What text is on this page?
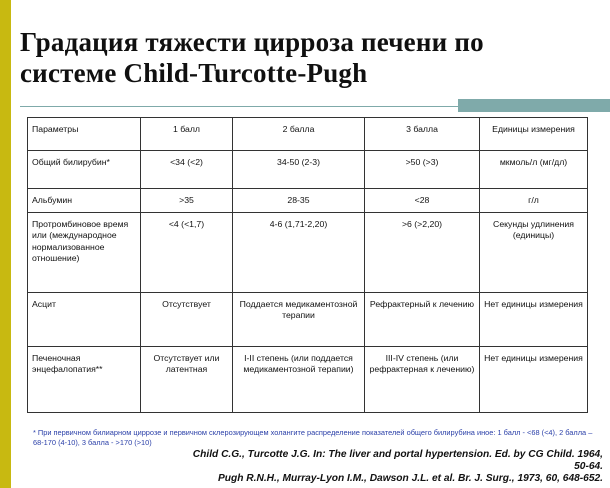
Градация тяжести цирроза печени по
системе Child-Turcotte-Pugh
Параметры	1 балл	2 балла	3 балла	Единицы измерения
Общий билирубин*	<34 (<2)	34-50 (2-3)	>50 (>3)	мкмоль/л (мг/дл)
Альбумин	>35	28-35	<28	г/л
Протромбиновое время или (международное нормализованное отношение)	<4 (<1,7)	4-6 (1,71-2,20)	>6 (>2,20)	Секунды удлинения (единицы)
Асцит	Отсутствует	Поддается медикаментозной терапии	Рефрактерный к лечению	Нет единицы измерения
Печеночная энцефалопатия**	Отсутствует или латентная	I-II степень (или поддается медикаментозной терапии)	III-IV степень (или рефрактерная к лечению)	Нет единицы измерения
* При первичном билиарном циррозе и первичном склерозирующем холангите распределение показателей общего билирубина иное: 1 балл - <68 (<4), 2 балла – 68-170 (4-10), 3 балла - >170 (>10)
Child C.G., Turcotte J.G. In: The liver and portal hypertension. Ed. by CG Child. 1964,
50-64.
Pugh R.N.H., Murray-Lyon I.M., Dawson J.L. et al. Br. J. Surg., 1973, 60, 648-652.
